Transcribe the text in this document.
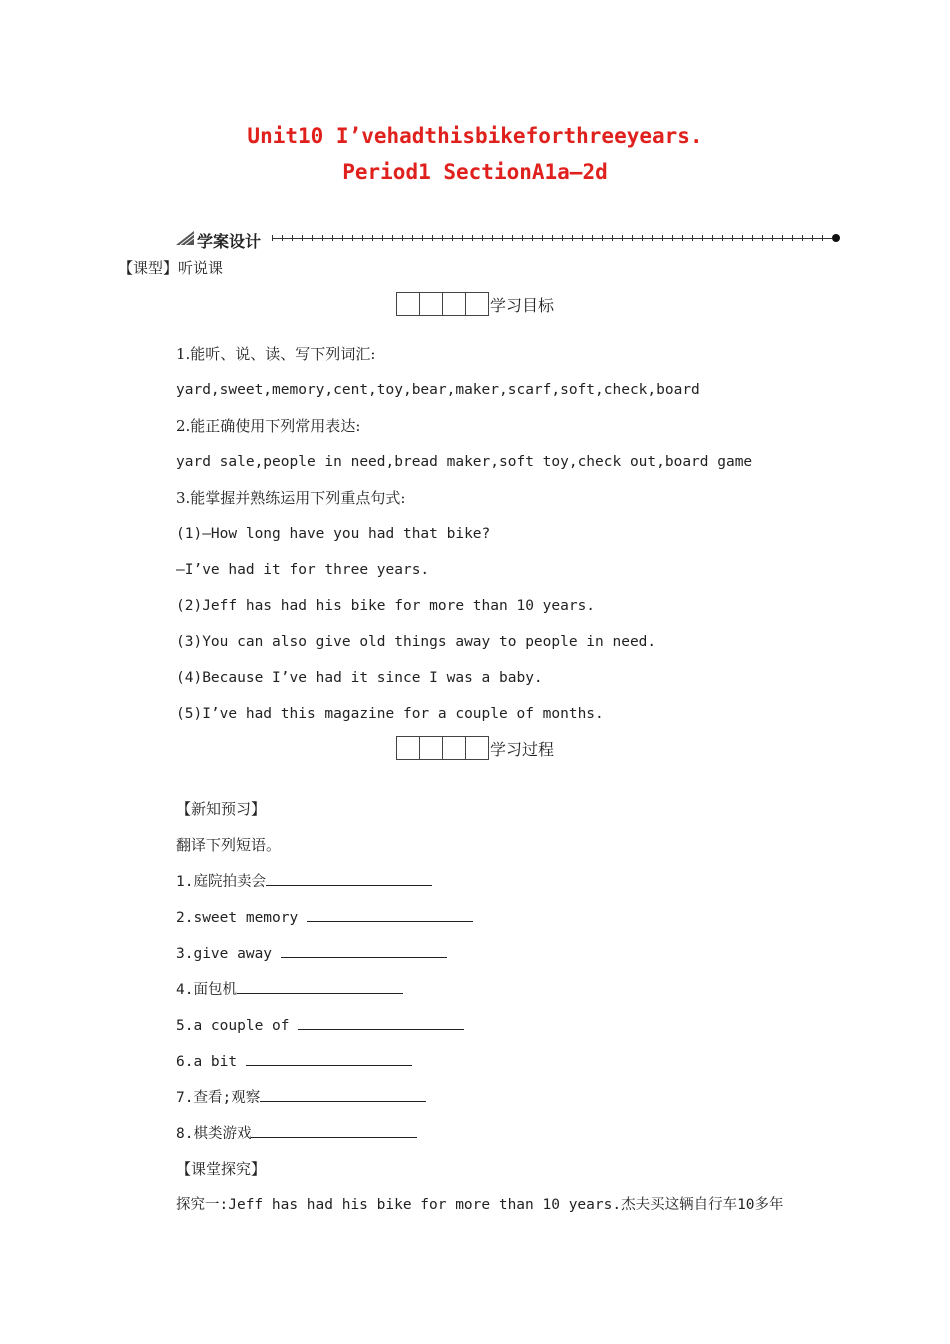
Unit10 I’vehadthisbikeforthreeyears.
Period1 SectionA1a—2d
学案设计
【课型】听说课
学习目标
1.能听、说、读、写下列词汇:
yard,sweet,memory,cent,toy,bear,maker,scarf,soft,check,board
2.能正确使用下列常用表达:
yard sale,people in need,bread maker,soft toy,check out,board game
3.能掌握并熟练运用下列重点句式:
(1)—How long have you had that bike?
—I’ve had it for three years.
(2)Jeff has had his bike for more than 10 years.
(3)You can also give old things away to people in need.
(4)Because I’ve had it since I was a baby.
(5)I’ve had this magazine for a couple of months.
学习过程
【新知预习】
翻译下列短语。
1.庭院拍卖会
2.sweet memory
3.give away
4.面包机
5.a couple of
6.a bit
7.查看;观察
8.棋类游戏
【课堂探究】
探究一:Jeff has had his bike for more than 10 years.杰夫买这辆自行车10多年
